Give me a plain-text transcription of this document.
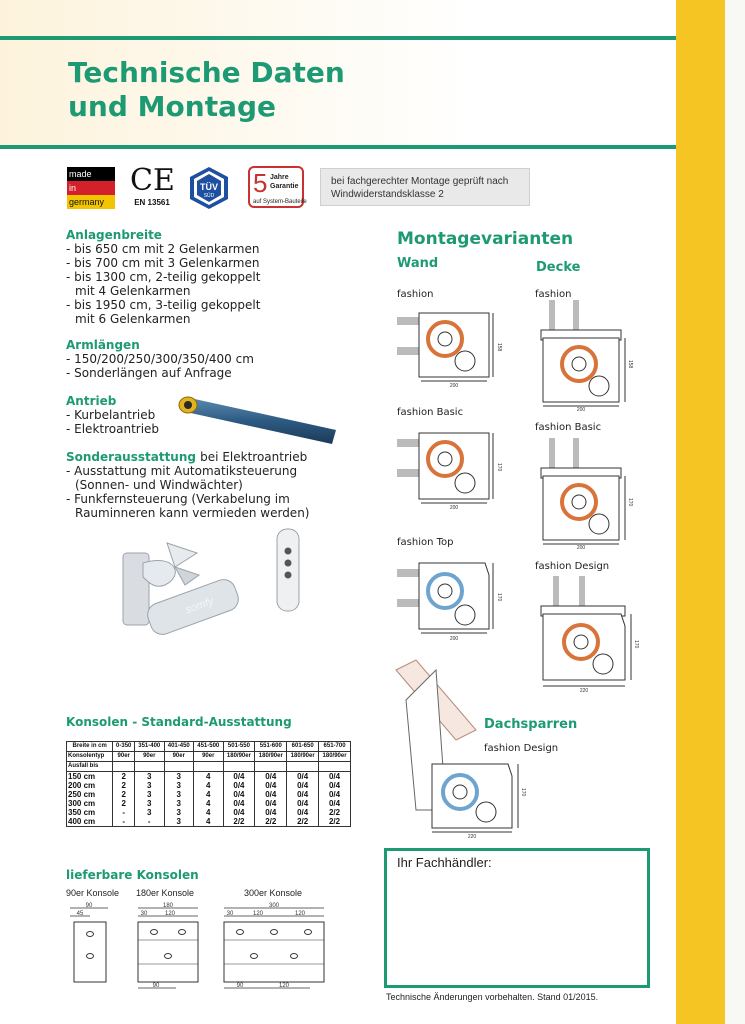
Technische Daten
und Montage
made
in
germany
CE
EN 13561
TÜV
SÜD 5 Jahre
Garantie
auf System-Bauteile
bei fachgerechter Montage geprüft nach Windwiderstandsklasse 2
Anlagenbreite
- bis 650 cm mit 2 Gelenkarmen
- bis 700 cm mit 3 Gelenkarmen
- bis 1300 cm, 2-teilig gekoppelt
mit 4 Gelenkarmen
- bis 1950 cm, 3-teilig gekoppelt
mit 6 Gelenkarmen
Armlängen
- 150/200/250/300/350/400 cm
- Sonderlängen auf Anfrage
Antrieb
- Kurbelantrieb
- Elektroantrieb
Sonderausstattung bei Elektroantrieb
- Ausstattung mit Automatiksteuerung
(Sonnen- und Windwächter)
- Funkfernsteuerung (Verkabelung im
Rauminneren kann vermieden werden)
somfy
Montagevarianten
Wand	Decke
fashion	fashion
fashion Basic
fashion Basic
fashion Top
fashion Design
Dachsparren
fashion Design
200
158
200
158
200
170
200
170
200
170
220
170
220
170
Konsolen - Standard-Ausstattung
Breite in cm	0-350	351-400	401-450	451-500	501-550	551-600	601-650	651-700
Konsolentyp	90er	90er	90er	90er	180/90er	180/90er	180/90er	180/90er
Ausfall bis								
150 cm	2	3	3	4	0/4	0/4	0/4	0/4
200 cm	2	3	3	4	0/4	0/4	0/4	0/4
250 cm	2	3	3	4	0/4	0/4	0/4	0/4
300 cm	2	3	3	4	0/4	0/4	0/4	0/4
350 cm	-	3	3	4	0/4	0/4	0/4	2/2
400 cm	-	-	3	4	2/2	2/2	2/2	2/2
lieferbare Konsolen
90er Konsole 180er Konsole	300er Konsole
90
45
180
30	120
90
300
30	120	120
90	120
Ihr Fachhändler:
Technische Änderungen vorbehalten. Stand 01/2015.
